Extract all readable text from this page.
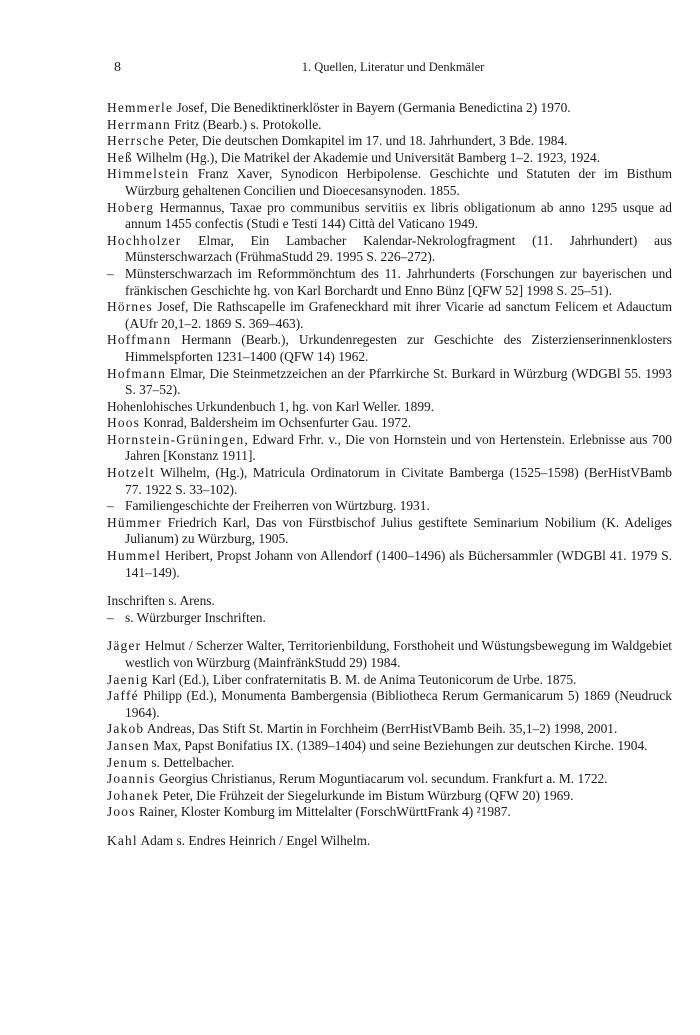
8	1. Quellen, Literatur und Denkmäler
Hemmerle Josef, Die Benediktinerklöster in Bayern (Germania Benedictina 2) 1970.
Herrmann Fritz (Bearb.) s. Protokolle.
Herrsche Peter, Die deutschen Domkapitel im 17. und 18. Jahrhundert, 3 Bde. 1984.
Heß Wilhelm (Hg.), Die Matrikel der Akademie und Universität Bamberg 1–2. 1923, 1924.
Himmelstein Franz Xaver, Synodicon Herbipolense. Geschichte und Statuten der im Bisthum Würzburg gehaltenen Concilien und Dioecesansynoden. 1855.
Hoberg Hermannus, Taxae pro communibus servitiis ex libris obligationum ab anno 1295 usque ad annum 1455 confectis (Studi e Testi 144) Città del Vaticano 1949.
Hochholzer Elmar, Ein Lambacher Kalendar-Nekrologfragment (11. Jahrhundert) aus Münsterschwarzach (FrühmaStudd 29. 1995 S. 226–272).
– Münsterschwarzach im Reformmönchtum des 11. Jahrhunderts (Forschungen zur bayerischen und fränkischen Geschichte hg. von Karl Borchardt und Enno Bünz [QFW 52] 1998 S. 25–51).
Hörnes Josef, Die Rathscapelle im Grafeneckhard mit ihrer Vicarie ad sanctum Felicem et Adauctum (AUfr 20,1–2. 1869 S. 369–463).
Hoffmann Hermann (Bearb.), Urkundenregesten zur Geschichte des Zisterzienserinnenklosters Himmelspforten 1231–1400 (QFW 14) 1962.
Hofmann Elmar, Die Steinmetzzeichen an der Pfarrkirche St. Burkard in Würzburg (WDGBl 55. 1993 S. 37–52).
Hohenlohisches Urkundenbuch 1, hg. von Karl Weller. 1899.
Hoos Konrad, Baldersheim im Ochsenfurter Gau. 1972.
Hornstein-Grüningen, Edward Frhr. v., Die von Hornstein und von Hertenstein. Erlebnisse aus 700 Jahren [Konstanz 1911].
Hotzelt Wilhelm, (Hg.), Matricula Ordinatorum in Civitate Bamberga (1525–1598) (BerHistVBamb 77. 1922 S. 33–102).
– Familiengeschichte der Freiherren von Würtzburg. 1931.
Hümmer Friedrich Karl, Das von Fürstbischof Julius gestiftete Seminarium Nobilium (K. Adeliges Julianum) zu Würzburg, 1905.
Hummel Heribert, Propst Johann von Allendorf (1400–1496) als Büchersammler (WDGBl 41. 1979 S. 141–149).
Inschriften s. Arens.
– s. Würzburger Inschriften.
Jäger Helmut / Scherzer Walter, Territorienbildung, Forsthoheit und Wüstungsbewegung im Waldgebiet westlich von Würzburg (MainfränkStudd 29) 1984.
Jaenig Karl (Ed.), Liber confraternitatis B. M. de Anima Teutonicorum de Urbe. 1875.
Jaffé Philipp (Ed.), Monumenta Bambergensia (Bibliotheca Rerum Germanicarum 5) 1869 (Neudruck 1964).
Jakob Andreas, Das Stift St. Martin in Forchheim (BerrHistVBamb Beih. 35,1–2) 1998, 2001.
Jansen Max, Papst Bonifatius IX. (1389–1404) und seine Beziehungen zur deutschen Kirche. 1904.
Jenum s. Dettelbacher.
Joannis Georgius Christianus, Rerum Moguntiacarum vol. secundum. Frankfurt a. M. 1722.
Johanek Peter, Die Frühzeit der Siegelurkunde im Bistum Würzburg (QFW 20) 1969.
Joos Rainer, Kloster Komburg im Mittelalter (ForschWürttFrank 4) ²1987.
Kahl Adam s. Endres Heinrich / Engel Wilhelm.
